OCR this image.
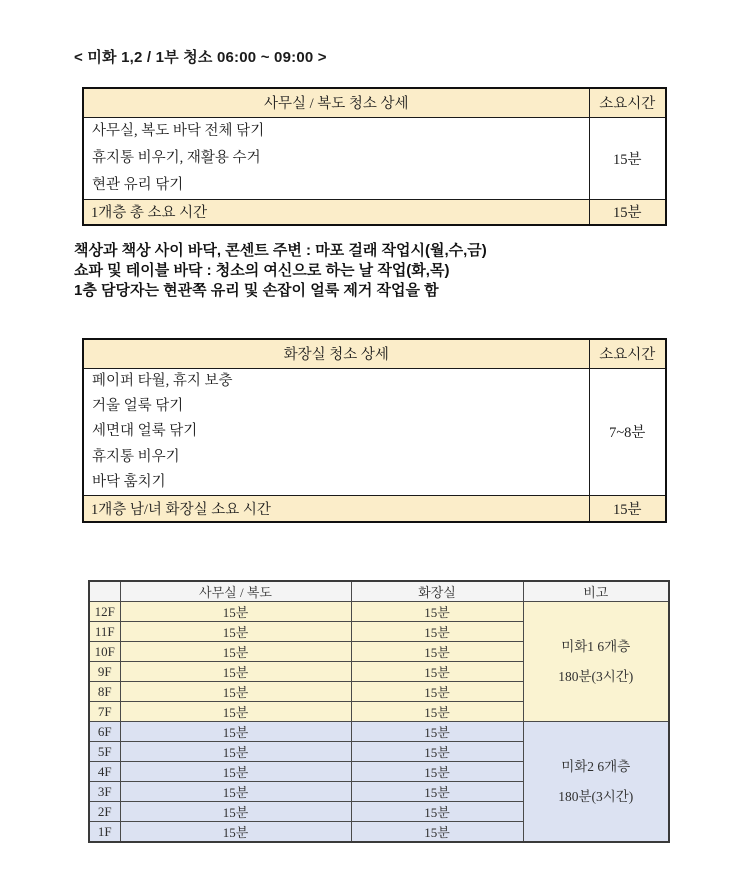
< 미화 1,2 / 1부 청소 06:00 ~ 09:00 >
사무실 / 복도 청소 상세	소요시간

사무실, 복도 바닥 전체 닦기
휴지통 비우기, 재활용 수거
현관 유리 닦기	15분
1개층 총 소요 시간	15분
책상과 책상 사이 바닥, 콘센트 주변 : 마포 걸래 작업시(월,수,금)
쇼파 및 테이블 바닥 : 청소의 여신으로 하는 날 작업(화,목)
1층 담당자는 현관쪽 유리 및 손잡이 얼룩 제거 작업을 함
화장실 청소 상세	소요시간

페이퍼 타월, 휴지 보충
거울 얼룩 닦기
세면대 얼룩 닦기
휴지통 비우기
바닥 훔치기	7~8분
1개층 남/녀 화장실 소요 시간	15분
	사무실 / 복도	화장실	비고
12F	15분	15분	미화1 6개층
180분(3시간)

11F	15분	15분	
10F	15분	15분	
9F	15분	15분	
8F	15분	15분	
7F	15분	15분	
6F	15분	15분	미화2 6개층
180분(3시간)

5F	15분	15분	
4F	15분	15분	
3F	15분	15분	
2F	15분	15분	
1F	15분	15분	
